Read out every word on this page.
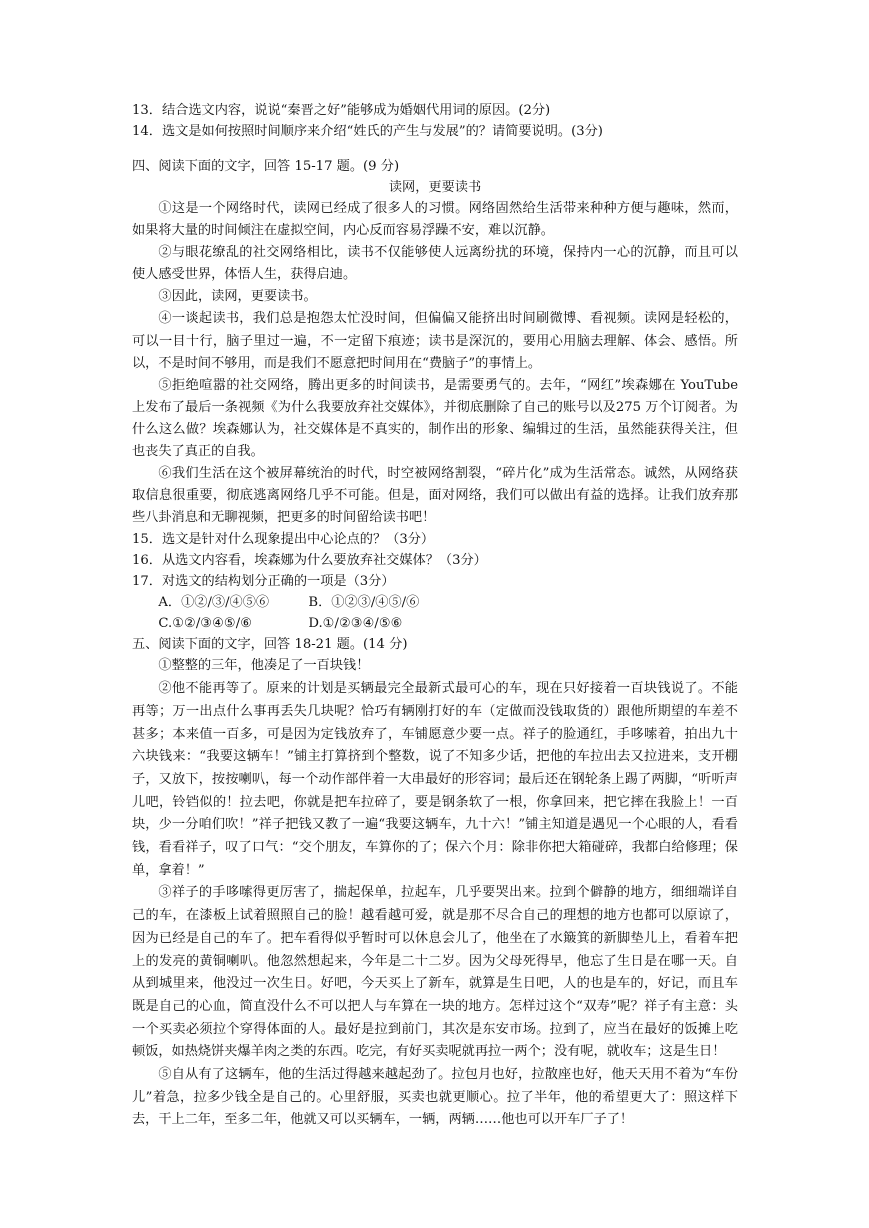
13．结合选文内容，说说“秦晋之好”能够成为婚姻代用词的原因。(2分)

14．选文是如何按照时间顺序来介绍“姓氏的产生与发展”的？请简要说明。(3分)

四、阅读下面的文字，回答 15-17 题。(9 分)

读网，更要读书

①这是一个网络时代，读网已经成了很多人的习惯。网络固然给生活带来种种方便与趣味，然而，如果将大量的时间倾注在虚拟空间，内心反而容易浮躁不安，难以沉静。

②与眼花缭乱的社交网络相比，读书不仅能够使人远离纷扰的环境，保持内一心的沉静，而且可以使人感受世界，体悟人生，获得启迪。

③因此，读网，更要读书。

④一谈起读书，我们总是抱怨太忙没时间，但偏偏又能挤出时间刷微博、看视频。读网是轻松的，可以一目十行，脑子里过一遍，不一定留下痕迹；读书是深沉的，要用心用脑去理解、体会、感悟。所以，不是时间不够用，而是我们不愿意把时间用在“费脑子”的事情上。

⑤拒绝喧嚣的社交网络，腾出更多的时间读书，是需要勇气的。去年，“网红”埃森娜在 YouTube 上发布了最后一条视频《为什么我要放弃社交媒体》，并彻底删除了自己的账号以及275 万个订阅者。为什么这么做？埃森娜认为，社交媒体是不真实的，制作出的形象、编辑过的生活，虽然能获得关注，但也丧失了真正的自我。

⑥我们生活在这个被屏幕统治的时代，时空被网络割裂，“碎片化”成为生活常态。诚然，从网络获取信息很重要，彻底逃离网络几乎不可能。但是，面对网络，我们可以做出有益的选择。让我们放弃那些八卦消息和无聊视频，把更多的时间留给读书吧！

15．选文是针对什么现象提出中心论点的？（3分）

16．从选文内容看，埃森娜为什么要放弃社交媒体？（3分）

17．对选文的结构划分正确的一项是（3分）

A．①②/③/④⑤⑥	B．①②③/④⑤/⑥

C.①②/③④⑤/⑥	D.①/②③④/⑤⑥

五、阅读下面的文字，回答 18-21 题。(14 分)

①整整的三年，他凑足了一百块钱！

②他不能再等了。原来的计划是买辆最完全最新式最可心的车，现在只好接着一百块钱说了。不能再等；万一出点什么事再丢失几块呢？恰巧有辆刚打好的车（定做而没钱取货的）跟他所期望的车差不甚多；本来值一百多，可是因为定钱放弃了，车铺愿意少要一点。祥子的脸通红，手哆嗦着，拍出九十六块钱来：“我要这辆车！”铺主打算挤到个整数，说了不知多少话，把他的车拉出去又拉进来，支开棚子，又放下，按按喇叭，每一个动作部伴着一大串最好的形容词；最后还在钢轮条上踢了两脚，“听听声儿吧，铃铛似的！拉去吧，你就是把车拉碎了，要是钢条软了一根，你拿回来，把它摔在我脸上！一百块，少一分咱们吹！”祥子把钱又教了一遍“我要这辆车，九十六！”铺主知道是遇见一个心眼的人，看看钱，看看祥子，叹了口气：“交个朋友，车算你的了；保六个月：除非你把大箱碰碎，我都白给修理；保单，拿着！”

③祥子的手哆嗦得更厉害了，揣起保单，拉起车，几乎要哭出来。拉到个僻静的地方，细细端详自己的车，在漆板上试着照照自己的脸！越看越可爱，就是那不尽合自己的理想的地方也都可以原谅了，因为已经是自己的车了。把车看得似乎暂时可以休息会儿了，他坐在了水簸箕的新脚垫儿上，看着车把上的发亮的黄铜喇叭。他忽然想起来，今年是二十二岁。因为父母死得早，他忘了生日是在哪一天。自从到城里来，他没过一次生日。好吧，今天买上了新车，就算是生日吧，人的也是车的，好记，而且车既是自己的心血，简直没什么不可以把人与车算在一块的地方。怎样过这个“双寿”呢？祥子有主意：头一个买卖必须拉个穿得体面的人。最好是拉到前门，其次是东安市场。拉到了，应当在最好的饭摊上吃顿饭，如热烧饼夹爆羊肉之类的东西。吃完，有好买卖呢就再拉一两个；没有呢，就收车；这是生日！

⑤自从有了这辆车，他的生活过得越来越起劲了。拉包月也好，拉散座也好，他天天用不着为“车份儿”着急，拉多少钱全是自己的。心里舒服，买卖也就更顺心。拉了半年，他的希望更大了：照这样下去，干上二年，至多二年，他就又可以买辆车，一辆，两辆……他也可以开车厂子了！
